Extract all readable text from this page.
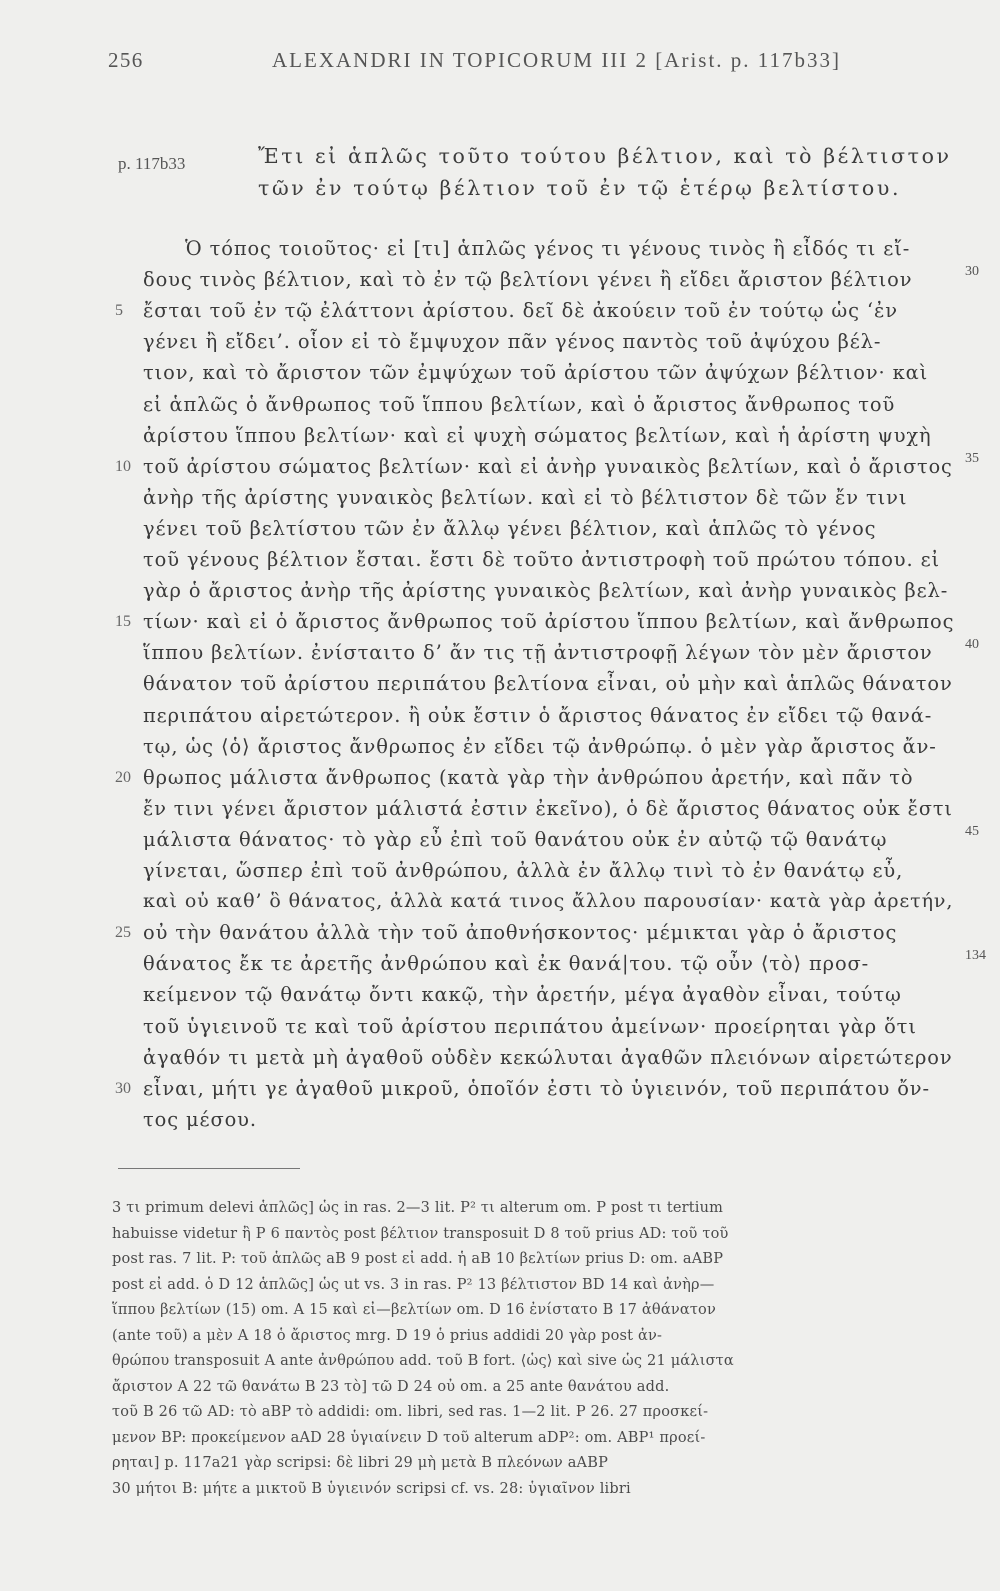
256	ALEXANDRI IN TOPICORUM III 2 [Arist. p. 117b33]
p. 117b33	Ἔτι εἰ ἁπλῶς τοῦτο τούτου βέλτιον, καὶ τὸ βέλτιστον
τῶν ἐν τούτῳ βέλτιον τοῦ ἐν τῷ ἑτέρῳ βελτίστου.
Ὁ τόπος τοιοῦτος· εἰ [τι] ἁπλῶς γένος τι γένους τινὸς ἢ εἶδός τι εἴ-
δους τινὸς βέλτιον, καὶ τὸ ἐν τῷ βελτίονι γένει ἢ εἴδει ἄριστον βέλτιον	30
ἔσται τοῦ ἐν τῷ ἐλάττονι ἀρίστου. δεῖ δὲ ἀκούειν τοῦ ἐν τούτῳ ὡς ‘ἐν
5
γένει ἢ εἴδει’. οἷον εἰ τὸ ἔμψυχον πᾶν γένος παντὸς τοῦ ἀψύχου βέλ-
τιον, καὶ τὸ ἄριστον τῶν ἐμψύχων τοῦ ἀρίστου τῶν ἀψύχων βέλτιον· καὶ
εἰ ἁπλῶς ὁ ἄνθρωπος τοῦ ἵππου βελτίων, καὶ ὁ ἄριστος ἄνθρωπος τοῦ
ἀρίστου ἵππου βελτίων· καὶ εἰ ψυχὴ σώματος βελτίων, καὶ ἡ ἀρίστη ψυχὴ
τοῦ ἀρίστου σώματος βελτίων· καὶ εἰ ἀνὴρ γυναικὸς βελτίων, καὶ ὁ ἄριστος
10	35
ἀνὴρ τῆς ἀρίστης γυναικὸς βελτίων. καὶ εἰ τὸ βέλτιστον δὲ τῶν ἔν τινι
γένει τοῦ βελτίστου τῶν ἐν ἄλλῳ γένει βέλτιον, καὶ ἁπλῶς τὸ γένος
τοῦ γένους βέλτιον ἔσται. ἔστι δὲ τοῦτο ἀντιστροφὴ τοῦ πρώτου τόπου. εἰ
γὰρ ὁ ἄριστος ἀνὴρ τῆς ἀρίστης γυναικὸς βελτίων, καὶ ἀνὴρ γυναικὸς βελ-
τίων· καὶ εἰ ὁ ἄριστος ἄνθρωπος τοῦ ἀρίστου ἵππου βελτίων, καὶ ἄνθρωπος
15
ἵππου βελτίων. ἐνίσταιτο δ’ ἄν τις τῇ ἀντιστροφῇ λέγων τὸν μὲν ἄριστον 40
θάνατον τοῦ ἀρίστου περιπάτου βελτίονα εἶναι, οὐ μὴν καὶ ἁπλῶς θάνατον
περιπάτου αἱρετώτερον. ἢ οὐκ ἔστιν ὁ ἄριστος θάνατος ἐν εἴδει τῷ θανά-
τῳ, ὡς ⟨ὁ⟩ ἄριστος ἄνθρωπος ἐν εἴδει τῷ ἀνθρώπῳ. ὁ μὲν γὰρ ἄριστος ἄν-
θρωπος μάλιστα ἄνθρωπος (κατὰ γὰρ τὴν ἀνθρώπου ἀρετήν, καὶ πᾶν τὸ
20
ἔν τινι γένει ἄριστον μάλιστά ἐστιν ἐκεῖνο), ὁ δὲ ἄριστος θάνατος οὐκ ἔστι
μάλιστα θάνατος· τὸ γὰρ εὖ ἐπὶ τοῦ θανάτου οὐκ ἐν αὐτῷ τῷ θανάτῳ	45
γίνεται, ὥσπερ ἐπὶ τοῦ ἀνθρώπου, ἀλλὰ ἐν ἄλλῳ τινὶ τὸ ἐν θανάτῳ εὖ,
καὶ οὐ καθ’ ὃ θάνατος, ἀλλὰ κατά τινος ἄλλου παρουσίαν· κατὰ γὰρ ἀρετήν,
οὐ τὴν θανάτου ἀλλὰ τὴν τοῦ ἀποθνήσκοντος· μέμικται γὰρ ὁ ἄριστος
25
θάνατος ἔκ τε ἀρετῆς ἀνθρώπου καὶ ἐκ θανά|του. τῷ οὖν ⟨τὸ⟩ προσ-	134
κείμενον τῷ θανάτῳ ὄντι κακῷ, τὴν ἀρετήν, μέγα ἀγαθὸν εἶναι, τούτῳ
τοῦ ὑγιεινοῦ τε καὶ τοῦ ἀρίστου περιπάτου ἀμείνων· προείρηται γὰρ ὅτι
ἀγαθόν τι μετὰ μὴ ἀγαθοῦ οὐδὲν κεκώλυται ἀγαθῶν πλειόνων αἱρετώτερον
εἶναι, μήτι γε ἀγαθοῦ μικροῦ, ὁποῖόν ἐστι τὸ ὑγιεινόν, τοῦ περιπάτου ὄν-
30
τος μέσου.
3 τι primum delevi ἁπλῶς] ὡς in ras. 2—3 lit. P² τι alterum om. P post τι tertium
habuisse videtur ἢ P 6 παντὸς post βέλτιον transposuit D 8 τοῦ prius AD: τοῦ τοῦ
post ras. 7 lit. P: τοῦ ἁπλῶς aB 9 post εἰ add. ἡ aB 10 βελτίων prius D: om. aABP
post εἰ add. ὁ D 12 ἁπλῶς] ὡς ut vs. 3 in ras. P² 13 βέλτιστον BD 14 καὶ ἀνὴρ—
ἵππου βελτίων (15) om. A 15 καὶ εἰ—βελτίων om. D 16 ἐνίστατο B 17 ἀθάνατον
(ante τοῦ) a μὲν A 18 ὁ ἄριστος mrg. D 19 ὁ prius addidi 20 γὰρ post ἀν-
θρώπου transposuit A ante ἀνθρώπου add. τοῦ B fort. ⟨ὡς⟩ καὶ sive ὡς 21 μάλιστα
ἄριστον A 22 τῶ θανάτω B 23 τὸ] τῶ D 24 οὐ om. a 25 ante θανάτου add.
τοῦ B 26 τῶ AD: τὸ aBP τὸ addidi: om. libri, sed ras. 1—2 lit. P 26. 27 προσκεί-
μενον BP: προκείμενον aAD 28 ὑγιαίνειν D τοῦ alterum aDP²: om. ABP¹ προεί-
ρηται] p. 117a21 γὰρ scripsi: δὲ libri 29 μὴ μετὰ B πλεόνων aABP
30 μήτοι B: μήτε a μικτοῦ B ὑγιεινόν scripsi cf. vs. 28: ὑγιαῖνον libri
